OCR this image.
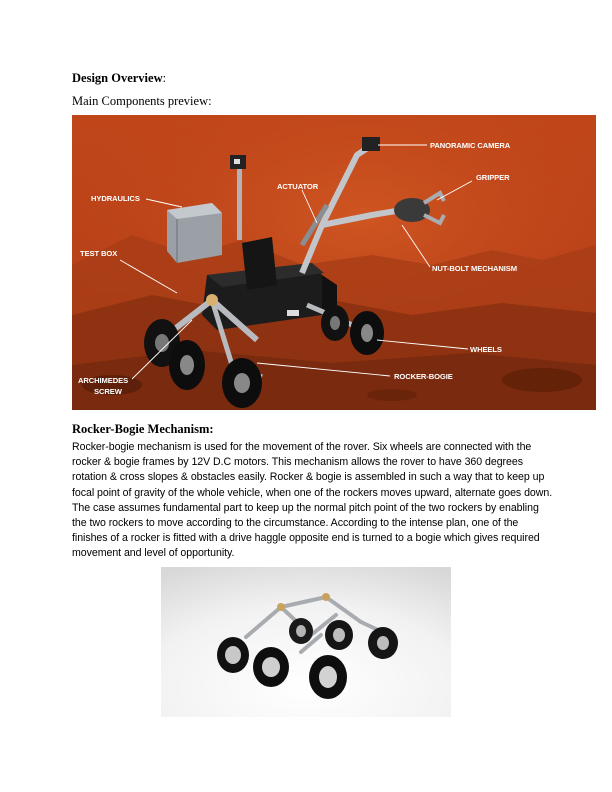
Design Overview:
Main Components preview:
HYDRAULICS
ACTUATOR
PANORAMIC CAMERA
GRIPPER
TEST BOX
NUT-BOLT MECHANISM
WHEELS
ROCKER-BOGIE
ARCHIMEDES
SCREW
Rocker-Bogie Mechanism:
Rocker-bogie mechanism is used for the movement of the rover. Six wheels are connected with the
rocker & bogie frames by 12V D.C motors. This mechanism allows the rover to have 360 degrees
rotation & cross slopes & obstacles easily. Rocker & bogie is assembled in such a way that to keep up
focal point of gravity of the whole vehicle, when one of the rockers moves upward, alternate goes down.
The case assumes fundamental part to keep up the normal pitch point of the two rockers by enabling
the two rockers to move according to the circumstance. According to the intense plan, one of the
finishes of a rocker is fitted with a drive haggle opposite end is turned to a bogie which gives required
movement and level of opportunity.
